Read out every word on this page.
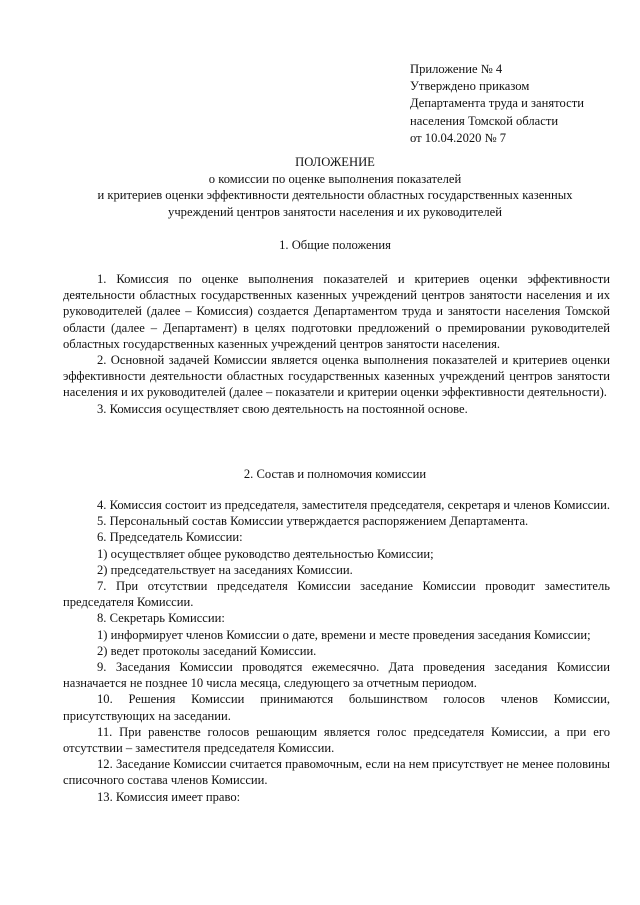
Приложение № 4
Утверждено приказом
Департамента труда и занятости
населения Томской области
от 10.04.2020 № 7
ПОЛОЖЕНИЕ
о комиссии по оценке выполнения показателей
и критериев оценки эффективности деятельности областных государственных казенных
учреждений центров занятости населения и их руководителей
1. Общие положения

1. Комиссия по оценке выполнения показателей и критериев оценки эффективности деятельности областных государственных казенных учреждений центров занятости населения и их руководителей (далее – Комиссия) создается Департаментом труда и занятости населения Томской области (далее – Департамент) в целях подготовки предложений о премировании руководителей областных государственных казенных учреждений центров занятости населения.

2. Основной задачей Комиссии является оценка выполнения показателей и критериев оценки эффективности деятельности областных государственных казенных учреждений центров занятости населения и их руководителей (далее – показатели и критерии оценки эффективности деятельности).

3. Комиссия осуществляет свою деятельность на постоянной основе.

2. Состав и полномочия комиссии

4. Комиссия состоит из председателя, заместителя председателя, секретаря и членов Комиссии.

5. Персональный состав Комиссии утверждается распоряжением Департамента.

6. Председатель Комиссии:

1) осуществляет общее руководство деятельностью Комиссии;

2) председательствует на заседаниях Комиссии.

7. При отсутствии председателя Комиссии заседание Комиссии проводит заместитель председателя Комиссии.

8. Секретарь Комиссии:

1) информирует членов Комиссии о дате, времени и месте проведения заседания Комиссии;

2) ведет протоколы заседаний Комиссии.

9. Заседания Комиссии проводятся ежемесячно. Дата проведения заседания Комиссии назначается не позднее 10 числа месяца, следующего за отчетным периодом.

10. Решения Комиссии принимаются большинством голосов членов Комиссии, присутствующих на заседании.

11. При равенстве голосов решающим является голос председателя Комиссии, а при его отсутствии – заместителя председателя Комиссии.

12. Заседание Комиссии считается правомочным, если на нем присутствует не менее половины списочного состава членов Комиссии.

13. Комиссия имеет право:
